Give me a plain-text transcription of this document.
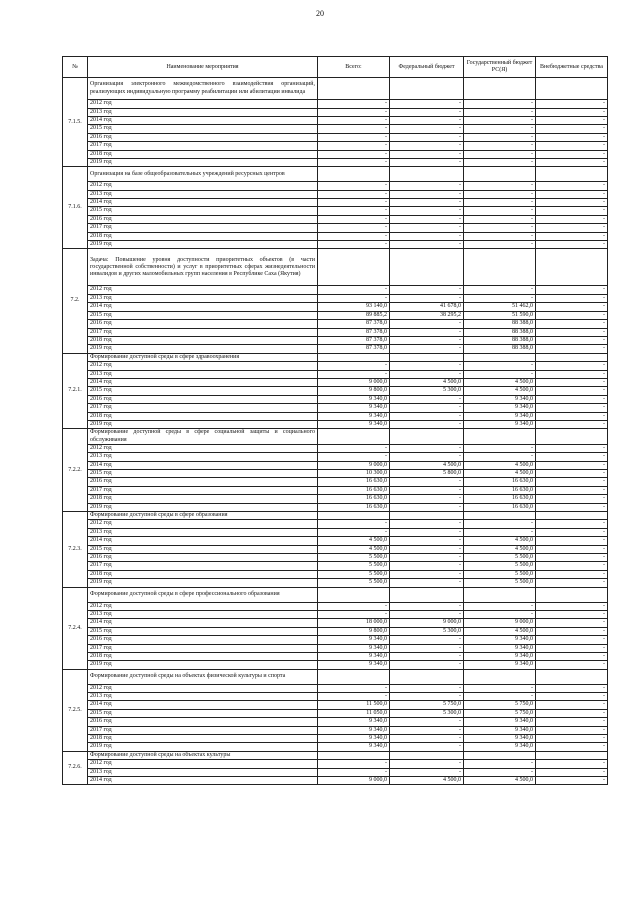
20
№	Наименование мероприятия	Всего:	Федеральный бюджет	Государственный бюджет РС(Я)	Внебюджетные средства
7.1.5.	Организация электронного межведомственного взаимодействия организаций, реализующих индивидуальную программу реабилитации или абилитации инвалида				
	2012 год	-	-	-	-
	2013 год	-	-	-	-
	2014 год	-	-	-	-
	2015 год	-	-	-	-
	2016 год	-	-	-	-
	2017 год	-	-	-	-
	2018 год	-	-	-	-
	2019 год	-	-	-	-
7.1.6.	Организация на базе общеобразовательных учреждений ресурсных центров				
	2012 год	-	-	-	-
	2013 год	-	-	-	-
	2014 год	-	-	-	-
	2015 год	-	-	-	-
	2016 год	-	-	-	-
	2017 год	-	-	-	-
	2018 год	-	-	-	-
	2019 год	-	-	-	-
7.2.	Задача: Повышение уровня доступности приоритетных объектов (в части государственной собственности) и услуг в приоритетных сферах жизнедеятельности инвалидов и других маломобильных групп населения в Республике Саха (Якутия)				
	2012 год	-	-	-	-
	2013 год	-	-	-	-
	2014 год	93 140,0	41 678,0	51 462,0	-
	2015 год	89 885,2	38 295,2	51 590,0	-
	2016 год	87 378,0	-	88 388,0	-
	2017 год	87 378,0	-	88 388,0	-
	2018 год	87 378,0	-	88 388,0	-
	2019 год	87 378,0	-	88 388,0	-
7.2.1.	Формирование доступной среды в сфере здравоохранения				
	2012 год	-	-	-	-
	2013 год	-	-	-	-
	2014 год	9 000,0	4 500,0	4 500,0	-
	2015 год	9 800,0	5 300,0	4 500,0	-
	2016 год	9 340,0	-	9 340,0	-
	2017 год	9 340,0	-	9 340,0	-
	2018 год	9 340,0	-	9 340,0	-
	2019 год	9 340,0	-	9 340,0	-
7.2.2.	Формирование доступной среды в сфере социальной защиты и социального обслуживания				
	2012 год	-	-	-	-
	2013 год	-	-	-	-
	2014 год	9 000,0	4 500,0	4 500,0	-
	2015 год	10 300,0	5 800,0	4 500,0	-
	2016 год	16 630,0	-	16 630,0	-
	2017 год	16 630,0	-	16 630,0	-
	2018 год	16 630,0	-	16 630,0	-
	2019 год	16 630,0	-	16 630,0	-
7.2.3.	Формирование доступной среды в сфере образования				
	2012 год	-	-	-	-
	2013 год	-	-	-	-
	2014 год	4 500,0	-	4 500,0	-
	2015 год	4 500,0	-	4 500,0	-
	2016 год	5 500,0	-	5 500,0	-
	2017 год	5 500,0	-	5 500,0	-
	2018 год	5 500,0	-	5 500,0	-
	2019 год	5 500,0	-	5 500,0	-
7.2.4.	Формирование доступной среды в сфере профессионального образования				
	2012 год	-	-	-	-
	2013 год	-	-	-	-
	2014 год	18 000,0	9 000,0	9 000,0	-
	2015 год	9 800,0	5 300,0	4 500,0	-
	2016 год	9 340,0	-	9 340,0	-
	2017 год	9 340,0	-	9 340,0	-
	2018 год	9 340,0	-	9 340,0	-
	2019 год	9 340,0	-	9 340,0	-
7.2.5.	Формирование доступной среды на объектах физической культуры и спорта				
	2012 год	-	-	-	-
	2013 год	-	-	-	-
	2014 год	11 500,0	5 750,0	5 750,0	-
	2015 год	11 050,0	5 300,0	5 750,0	-
	2016 год	9 340,0	-	9 340,0	-
	2017 год	9 340,0	-	9 340,0	-
	2018 год	9 340,0	-	9 340,0	-
	2019 год	9 340,0	-	9 340,0	-
7.2.6.	Формирование доступной среды на объектах культуры				
	2012 год	-	-	-	-
	2013 год	-	-	-	-
	2014 год	9 000,0	4 500,0	4 500,0	-
